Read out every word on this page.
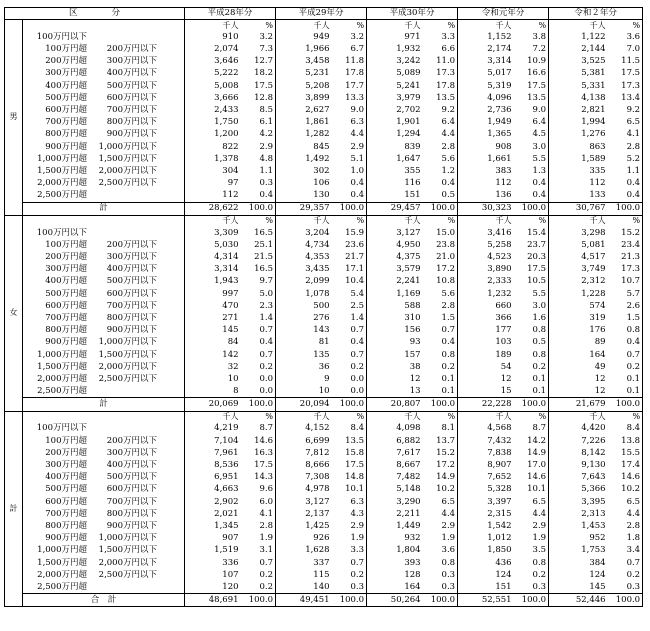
区　　　　分		平成28年分		平成29年分		平成30年分		令和元年分		令和２年分	
男		千人	%	千人	%	千人	%	千人	%	千人	%
	100万円以下	910	3.2	949	3.2	971	3.3	1,152	3.8	1,122	3.6
	100万円超 200万円以下	2,074	7.3	1,966	6.7	1,932	6.6	2,174	7.2	2,144	7.0
	200万円超 300万円以下	3,646	12.7	3,458	11.8	3,242	11.0	3,314	10.9	3,525	11.5
	300万円超 400万円以下	5,222	18.2	5,231	17.8	5,089	17.3	5,017	16.6	5,381	17.5
	400万円超 500万円以下	5,008	17.5	5,208	17.7	5,241	17.8	5,319	17.5	5,331	17.3
	500万円超 600万円以下	3,666	12.8	3,899	13.3	3,979	13.5	4,096	13.5	4,138	13.4
	600万円超 700万円以下	2,433	8.5	2,627	9.0	2,702	9.2	2,736	9.0	2,821	9.2
	700万円超 800万円以下	1,750	6.1	1,861	6.3	1,901	6.4	1,949	6.4	1,994	6.5
	800万円超 900万円以下	1,200	4.2	1,282	4.4	1,294	4.4	1,365	4.5	1,276	4.1
	900万円超 1,000万円以下	822	2.9	845	2.9	839	2.8	908	3.0	863	2.8
	1,000万円超 1,500万円以下	1,378	4.8	1,492	5.1	1,647	5.6	1,661	5.5	1,589	5.2
	1,500万円超 2,000万円以下	304	1.1	302	1.0	355	1.2	383	1.3	335	1.1
	2,000万円超 2,500万円以下	97	0.3	106	0.4	116	0.4	112	0.4	112	0.4
	2,500万円超	112	0.4	130	0.4	151	0.5	136	0.4	133	0.4
	計	28,622	100.0	29,357	100.0	29,457	100.0	30,323	100.0	30,767	100.0
女		千人	%	千人	%	千人	%	千人	%	千人	%
	100万円以下	3,309	16.5	3,204	15.9	3,127	15.0	3,416	15.4	3,298	15.2
	100万円超 200万円以下	5,030	25.1	4,734	23.6	4,950	23.8	5,258	23.7	5,081	23.4
	200万円超 300万円以下	4,314	21.5	4,353	21.7	4,375	21.0	4,523	20.3	4,517	21.3
	300万円超 400万円以下	3,314	16.5	3,435	17.1	3,579	17.2	3,890	17.5	3,749	17.3
	400万円超 500万円以下	1,943	9.7	2,099	10.4	2,241	10.8	2,333	10.5	2,312	10.7
	500万円超 600万円以下	997	5.0	1,078	5.4	1,169	5.6	1,232	5.5	1,228	5.7
	600万円超 700万円以下	470	2.3	500	2.5	588	2.8	660	3.0	574	2.6
	700万円超 800万円以下	271	1.4	276	1.4	310	1.5	366	1.6	319	1.5
	800万円超 900万円以下	145	0.7	143	0.7	156	0.7	177	0.8	176	0.8
	900万円超 1,000万円以下	84	0.4	81	0.4	93	0.4	103	0.5	89	0.4
	1,000万円超 1,500万円以下	142	0.7	135	0.7	157	0.8	189	0.8	164	0.7
	1,500万円超 2,000万円以下	32	0.2	36	0.2	38	0.2	54	0.2	49	0.2
	2,000万円超 2,500万円以下	10	0.0	9	0.0	12	0.1	12	0.1	12	0.1
	2,500万円超	8	0.0	10	0.0	13	0.1	15	0.1	12	0.1
	計	20,069	100.0	20,094	100.0	20,807	100.0	22,228	100.0	21,679	100.0
計		千人	%	千人	%	千人	%	千人	%	千人	%
	100万円以下	4,219	8.7	4,152	8.4	4,098	8.1	4,568	8.7	4,420	8.4
	100万円超 200万円以下	7,104	14.6	6,699	13.5	6,882	13.7	7,432	14.2	7,226	13.8
	200万円超 300万円以下	7,961	16.3	7,812	15.8	7,617	15.2	7,838	14.9	8,142	15.5
	300万円超 400万円以下	8,536	17.5	8,666	17.5	8,667	17.2	8,907	17.0	9,130	17.4
	400万円超 500万円以下	6,951	14.3	7,308	14.8	7,482	14.9	7,652	14.6	7,643	14.6
	500万円超 600万円以下	4,663	9.6	4,978	10.1	5,148	10.2	5,328	10.1	5,366	10.2
	600万円超 700万円以下	2,902	6.0	3,127	6.3	3,290	6.5	3,397	6.5	3,395	6.5
	700万円超 800万円以下	2,021	4.1	2,137	4.3	2,211	4.4	2,315	4.4	2,313	4.4
	800万円超 900万円以下	1,345	2.8	1,425	2.9	1,449	2.9	1,542	2.9	1,453	2.8
	900万円超 1,000万円以下	907	1.9	926	1.9	932	1.9	1,012	1.9	952	1.8
	1,000万円超 1,500万円以下	1,519	3.1	1,628	3.3	1,804	3.6	1,850	3.5	1,753	3.4
	1,500万円超 2,000万円以下	336	0.7	337	0.7	393	0.8	436	0.8	384	0.7
	2,000万円超 2,500万円以下	107	0.2	115	0.2	128	0.3	124	0.2	124	0.2
	2,500万円超	120	0.2	140	0.3	164	0.3	151	0.3	145	0.3
	合　計	48,691	100.0	49,451	100.0	50,264	100.0	52,551	100.0	52,446	100.0
